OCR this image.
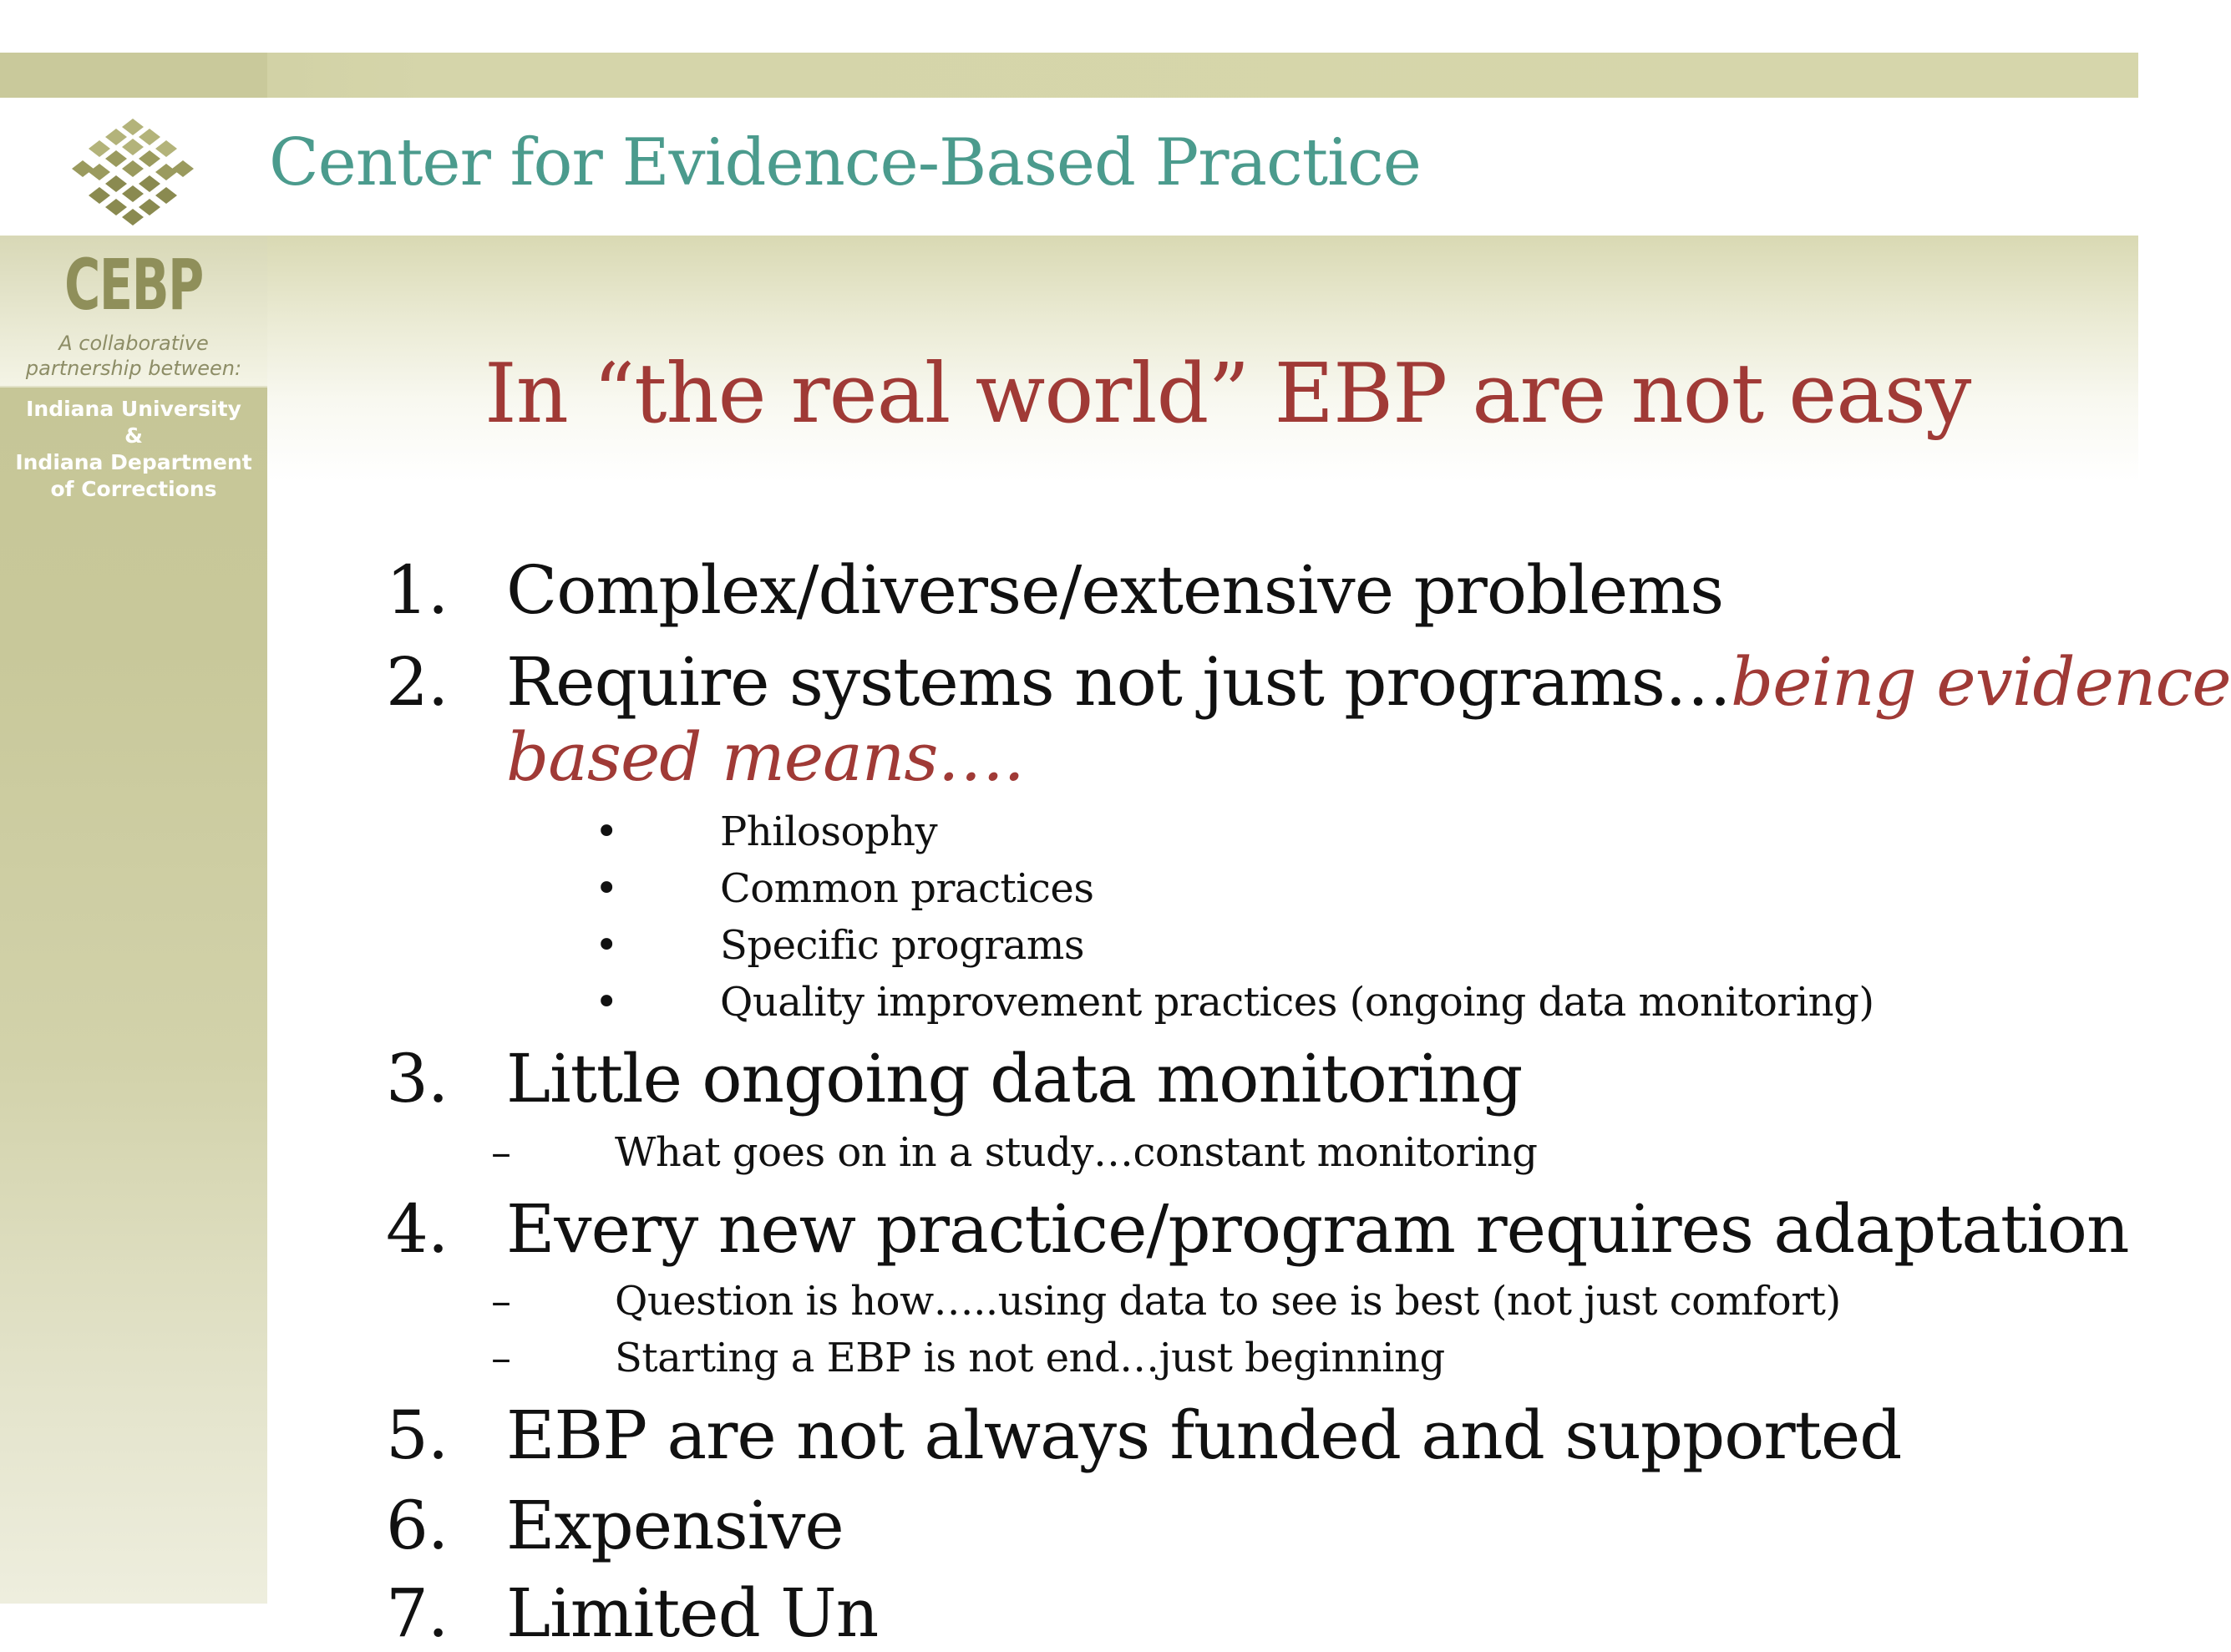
Center for Evidence-Based Practice
CEBP
A collaborative
partnership between:
Indiana University
&
Indiana Department
of Corrections
In “the real world” EBP are not easy
1. Complex/diverse/extensive problems
2. Require systems not just programs…being evidence
based means….
•	Philosophy
•	Common practices
•	Specific programs
•	Quality improvement practices (ongoing data monitoring)
3. Little ongoing data monitoring
–	What goes on in a study…constant monitoring
4. Every new practice/program requires adaptation
–	Question is how…..using data to see is best (not just comfort)
–	Starting a EBP is not end…just beginning
5. EBP are not always funded and supported
6. Expensive
7. Limited Un
